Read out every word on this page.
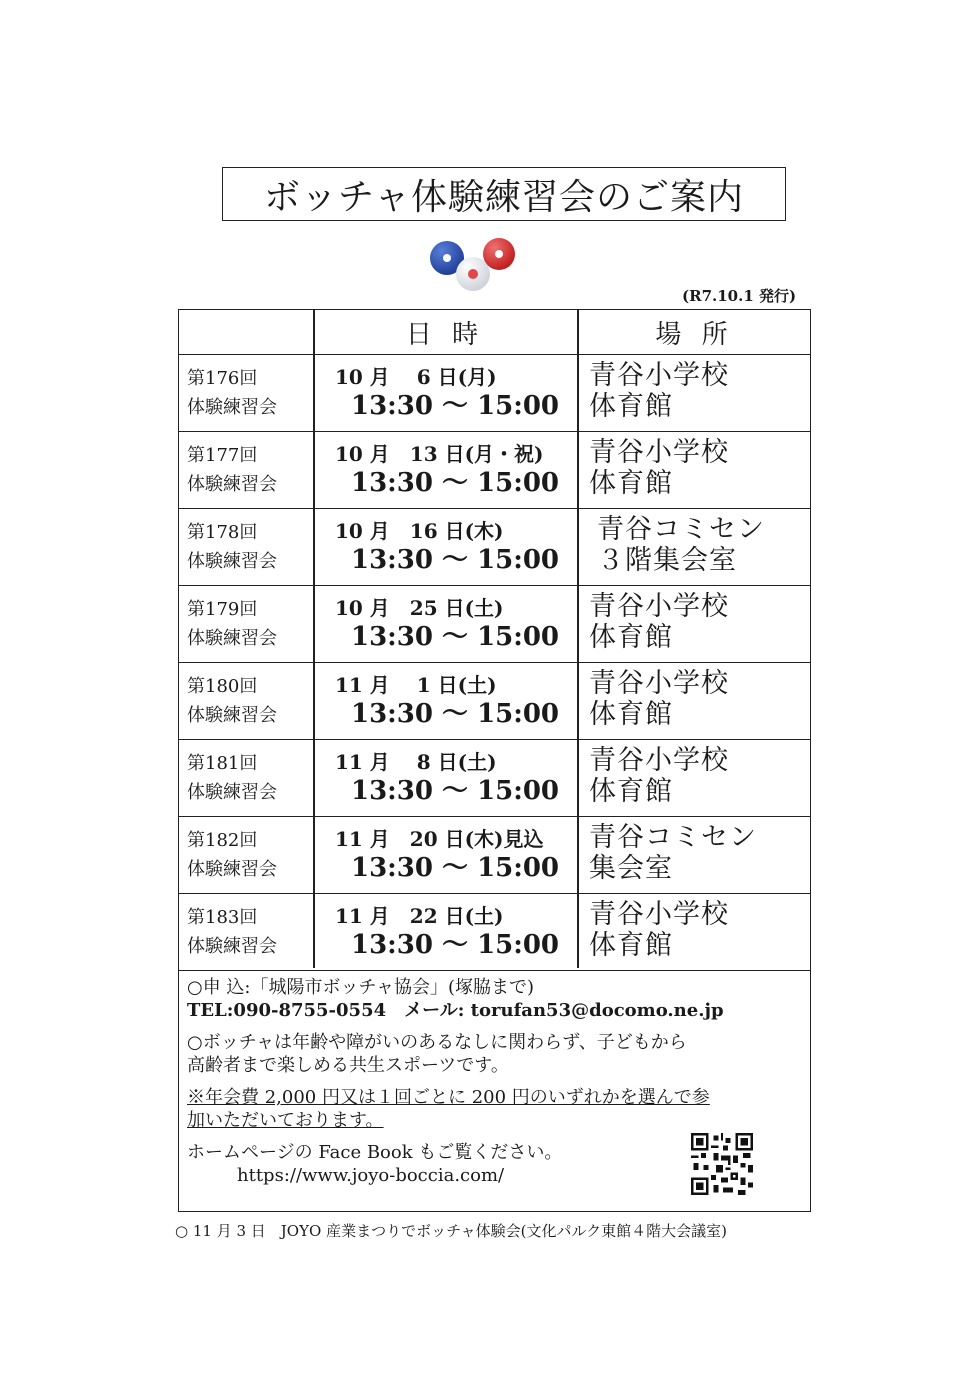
ボッチャ体験練習会のご案内
(R7.10.1 発行)
日 時	場 所
第176回
体験練習会
10 月　 6 日(月)
13:30 〜 15:00
青谷小学校
体育館
第177回
体験練習会
10 月　13 日(月・祝)
13:30 〜 15:00
青谷小学校
体育館
第178回
体験練習会
10 月　16 日(木)
13:30 〜 15:00
青谷コミセン
３階集会室
第179回
体験練習会
10 月　25 日(土)
13:30 〜 15:00
青谷小学校
体育館
第180回
体験練習会
11 月　 1 日(土)
13:30 〜 15:00
青谷小学校
体育館
第181回
体験練習会
11 月　 8 日(土)
13:30 〜 15:00
青谷小学校
体育館
第182回
体験練習会
11 月　20 日(木)見込
13:30 〜 15:00
青谷コミセン
集会室
第183回
体験練習会
11 月　22 日(土)
13:30 〜 15:00
青谷小学校
体育館

○申 込:「城陽市ボッチャ協会」(塚脇まで)

TEL:090-8755-0554　 メール: torufan53@docomo.ne.jp

○ボッチャは年齢や障がいのあるなしに関わらず、子どもから

高齢者まで楽しめる共生スポーツです。

※年会費 2,000 円又は１回ごとに 200 円のいずれかを選んで参

加いただいております。

ホームページの Face Book もご覧ください。

https://www.joyo-boccia.com/

○ 11 月 3 日　JOYO 産業まつりでボッチャ体験会(文化パルク東館４階大会議室)
